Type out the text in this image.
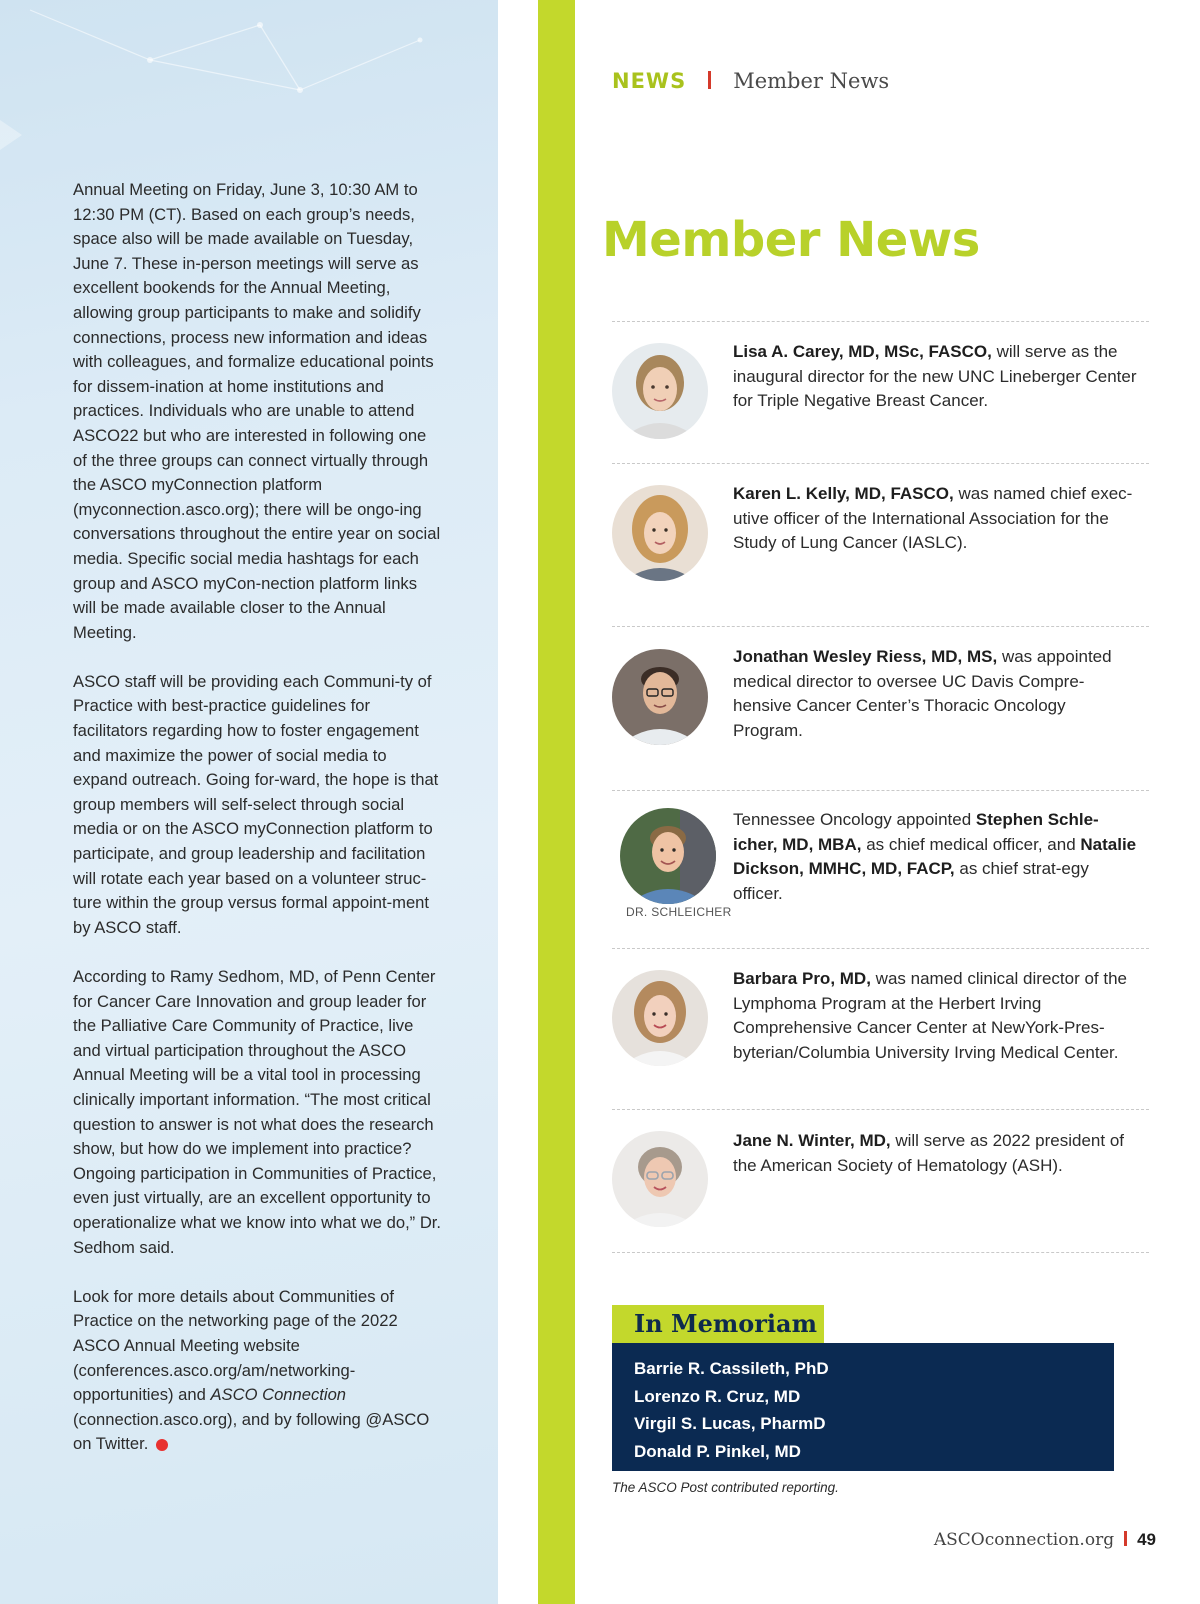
Annual Meeting on Friday, June 3, 10:30 AM to 12:30 PM (CT). Based on each group’s needs, space also will be made available on Tuesday, June 7. These in-person meetings will serve as excellent bookends for the Annual Meeting, allowing group participants to make and solidify connections, process new information and ideas with colleagues, and formalize educational points for dissem-ination at home institutions and practices. Individuals who are unable to attend ASCO22 but who are interested in following one of the three groups can connect virtually through the ASCO myConnection platform (myconnection.asco.org); there will be ongo-ing conversations throughout the entire year on social media. Specific social media hashtags for each group and ASCO myCon-nection platform links will be made available closer to the Annual Meeting.

ASCO staff will be providing each Communi-ty of Practice with best-practice guidelines for facilitators regarding how to foster engagement and maximize the power of social media to expand outreach. Going for-ward, the hope is that group members will self-select through social media or on the ASCO myConnection platform to participate, and group leadership and facilitation will rotate each year based on a volunteer struc-ture within the group versus formal appoint-ment by ASCO staff.

According to Ramy Sedhom, MD, of Penn Center for Cancer Care Innovation and group leader for the Palliative Care Community of Practice, live and virtual participation throughout the ASCO Annual Meeting will be a vital tool in processing clinically important information. “The most critical question to answer is not what does the research show, but how do we implement into practice? Ongoing participation in Communities of Practice, even just virtually, are an excellent opportunity to operationalize what we know into what we do,” Dr. Sedhom said.

Look for more details about Communities of Practice on the networking page of the 2022 ASCO Annual Meeting website (conferences.asco.org/am/networking-opportunities) and ASCO Connection (connection.asco.org), and by following @ASCO on Twitter.

NEWS Member News
Member News
Lisa A. Carey, MD, MSc, FASCO, will serve as the inaugural director for the new UNC Lineberger Center for Triple Negative Breast Cancer.
Karen L. Kelly, MD, FASCO, was named chief exec-utive officer of the International Association for the Study of Lung Cancer (IASLC).
Jonathan Wesley Riess, MD, MS, was appointed medical director to oversee UC Davis Compre-hensive Cancer Center’s Thoracic Oncology Program.
DR. SCHLEICHER
Tennessee Oncology appointed Stephen Schle-icher, MD, MBA, as chief medical officer, and Natalie Dickson, MMHC, MD, FACP, as chief strat-egy officer.
Barbara Pro, MD, was named clinical director of the Lymphoma Program at the Herbert Irving Comprehensive Cancer Center at NewYork-Pres-byterian/Columbia University Irving Medical Center.
Jane N. Winter, MD, will serve as 2022 president of the American Society of Hematology (ASH).
In Memoriam
Barrie R. Cassileth, PhD
Lorenzo R. Cruz, MD
Virgil S. Lucas, PharmD
Donald P. Pinkel, MD
The ASCO Post contributed reporting.
ASCOconnection.org 49
